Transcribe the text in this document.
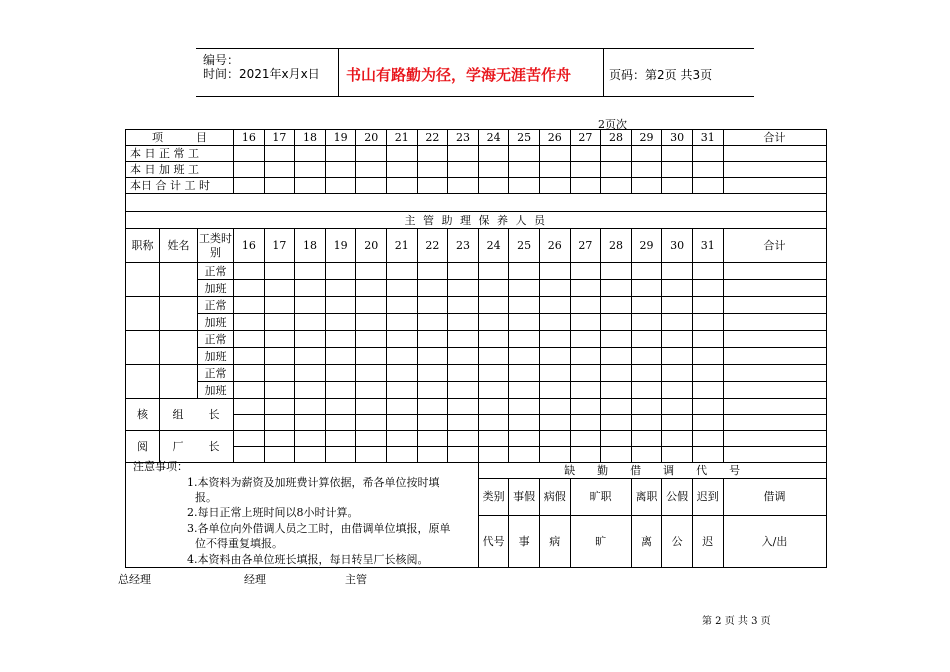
编号：
时间：2021年x月x日 书山有路勤为径，学海无涯苦作舟	页码：第2页 共3页
2页次
项　　　目			16	17	18	19	20	21	22	23	24	25	26	27	28	29	30	31	合计
本 日 正 常 工																			
本 日 加 班 工																			
本日 合 计 工 时																			

主 管 助 理 保 养 人 员																			
职称	姓名	工类时别	16	17	18	19	20	21	22	23	24	25	26	27	28	29	30	31	合计
		正常																	
		加班																	
		正常																	
		加班																	
		正常																	
		加班																	
		正常																	
		加班																	
核	组　　长																		

阅	厂　　长																		

											缺　　勤　　借　　调　　代　　号								
											类别	事假	病假	旷职		离职	公假	迟到	借调
											代号	事	病	旷		离	公	迟	入/出
注意事项：
1.本资料为薪资及加班费计算依据，希各单位按时填
报。
2.每日正常上班时间以8小时计算。
3.各单位向外借调人员之工时，由借调单位填报，原单
位不得重复填报。
4.本资料由各单位班长填报，每日转呈厂长核阅。
总经理	经理	主管
第 2 页 共 3 页
